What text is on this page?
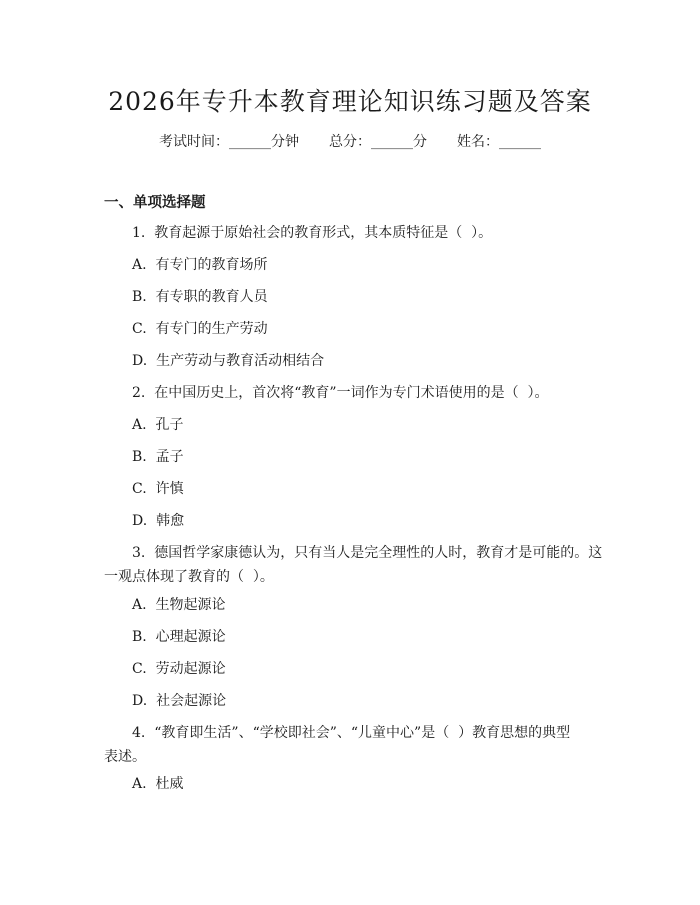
2026年专升本教育理论知识练习题及答案
考试时间：______分钟 总分：______分 姓名：______
一、单项选择题
1.  教育起源于原始社会的教育形式，其本质特征是（  ）。
A.  有专门的教育场所
B.  有专职的教育人员
C.  有专门的生产劳动
D.  生产劳动与教育活动相结合
2.  在中国历史上，首次将“教育”一词作为专门术语使用的是（  ）。
A.  孔子
B.  孟子
C.  许慎
D.  韩愈
3.  德国哲学家康德认为，只有当人是完全理性的人时，教育才是可能的。这
一观点体现了教育的（  ）。
A.  生物起源论
B.  心理起源论
C.  劳动起源论
D.  社会起源论
4.  “教育即生活”、“学校即社会”、“儿童中心”是（  ）教育思想的典型
表述。
A.  杜威
